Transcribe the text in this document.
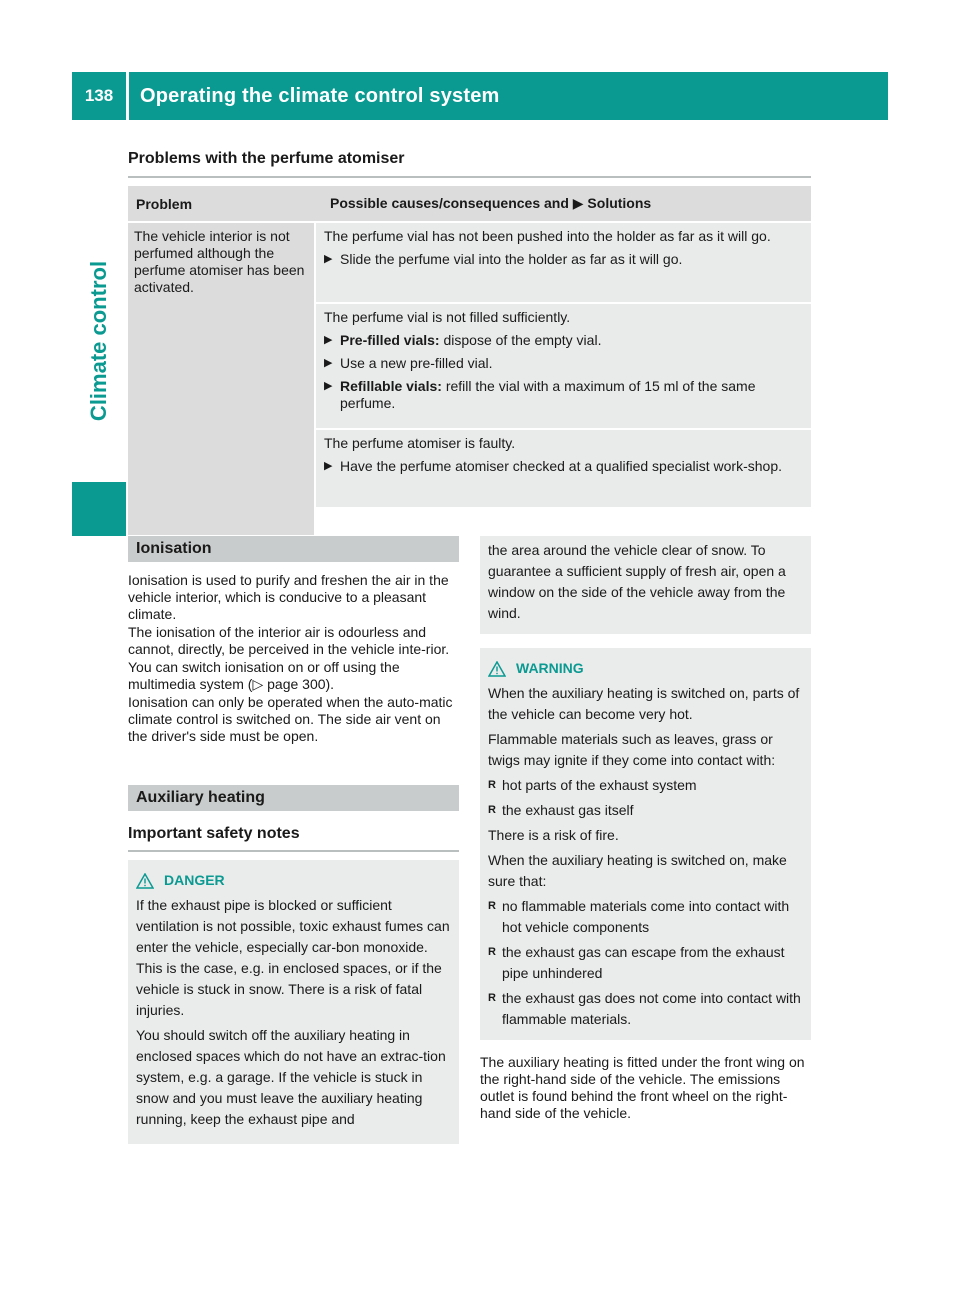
138	Operating the climate control system
Climate control
Problems with the perfume atomiser
Problem	Possible causes/consequences and ▶ Solutions
The vehicle interior is not perfumed although the perfume atomiser has been activated.

The perfume vial has not been pushed into the holder as far as it will go.

▶ Slide the perfume vial into the holder as far as it will go.

The perfume vial is not filled sufficiently.

▶ Pre-filled vials: dispose of the empty vial.
▶ Use a new pre-filled vial.
▶ Refillable vials: refill the vial with a maximum of 15 ml of the same perfume.

The perfume atomiser is faulty.

▶ Have the perfume atomiser checked at a qualified specialist work-shop.
Ionisation

Ionisation is used to purify and freshen the air in the vehicle interior, which is conducive to a pleasant climate.

The ionisation of the interior air is odourless and cannot, directly, be perceived in the vehicle inte-rior.

You can switch ionisation on or off using the multimedia system (▷ page 300).

Ionisation can only be operated when the auto-matic climate control is switched on. The side air vent on the driver's side must be open.

Auxiliary heating
Important safety notes
DANGER

If the exhaust pipe is blocked or sufficient ventilation is not possible, toxic exhaust fumes can enter the vehicle, especially car-bon monoxide. This is the case, e.g. in enclosed spaces, or if the vehicle is stuck in snow. There is a risk of fatal injuries.

You should switch off the auxiliary heating in enclosed spaces which do not have an extrac-tion system, e.g. a garage. If the vehicle is stuck in snow and you must leave the auxiliary heating running, keep the exhaust pipe and

the area around the vehicle clear of snow. To guarantee a sufficient supply of fresh air, open a window on the side of the vehicle away from the wind.

WARNING

When the auxiliary heating is switched on, parts of the vehicle can become very hot.

Flammable materials such as leaves, grass or twigs may ignite if they come into contact with:

R hot parts of the exhaust system
R the exhaust gas itself

There is a risk of fire.

When the auxiliary heating is switched on, make sure that:

R no flammable materials come into contact with hot vehicle components
R the exhaust gas can escape from the exhaust pipe unhindered
R the exhaust gas does not come into contact with flammable materials.

The auxiliary heating is fitted under the front wing on the right-hand side of the vehicle. The emissions outlet is found behind the front wheel on the right-hand side of the vehicle.
